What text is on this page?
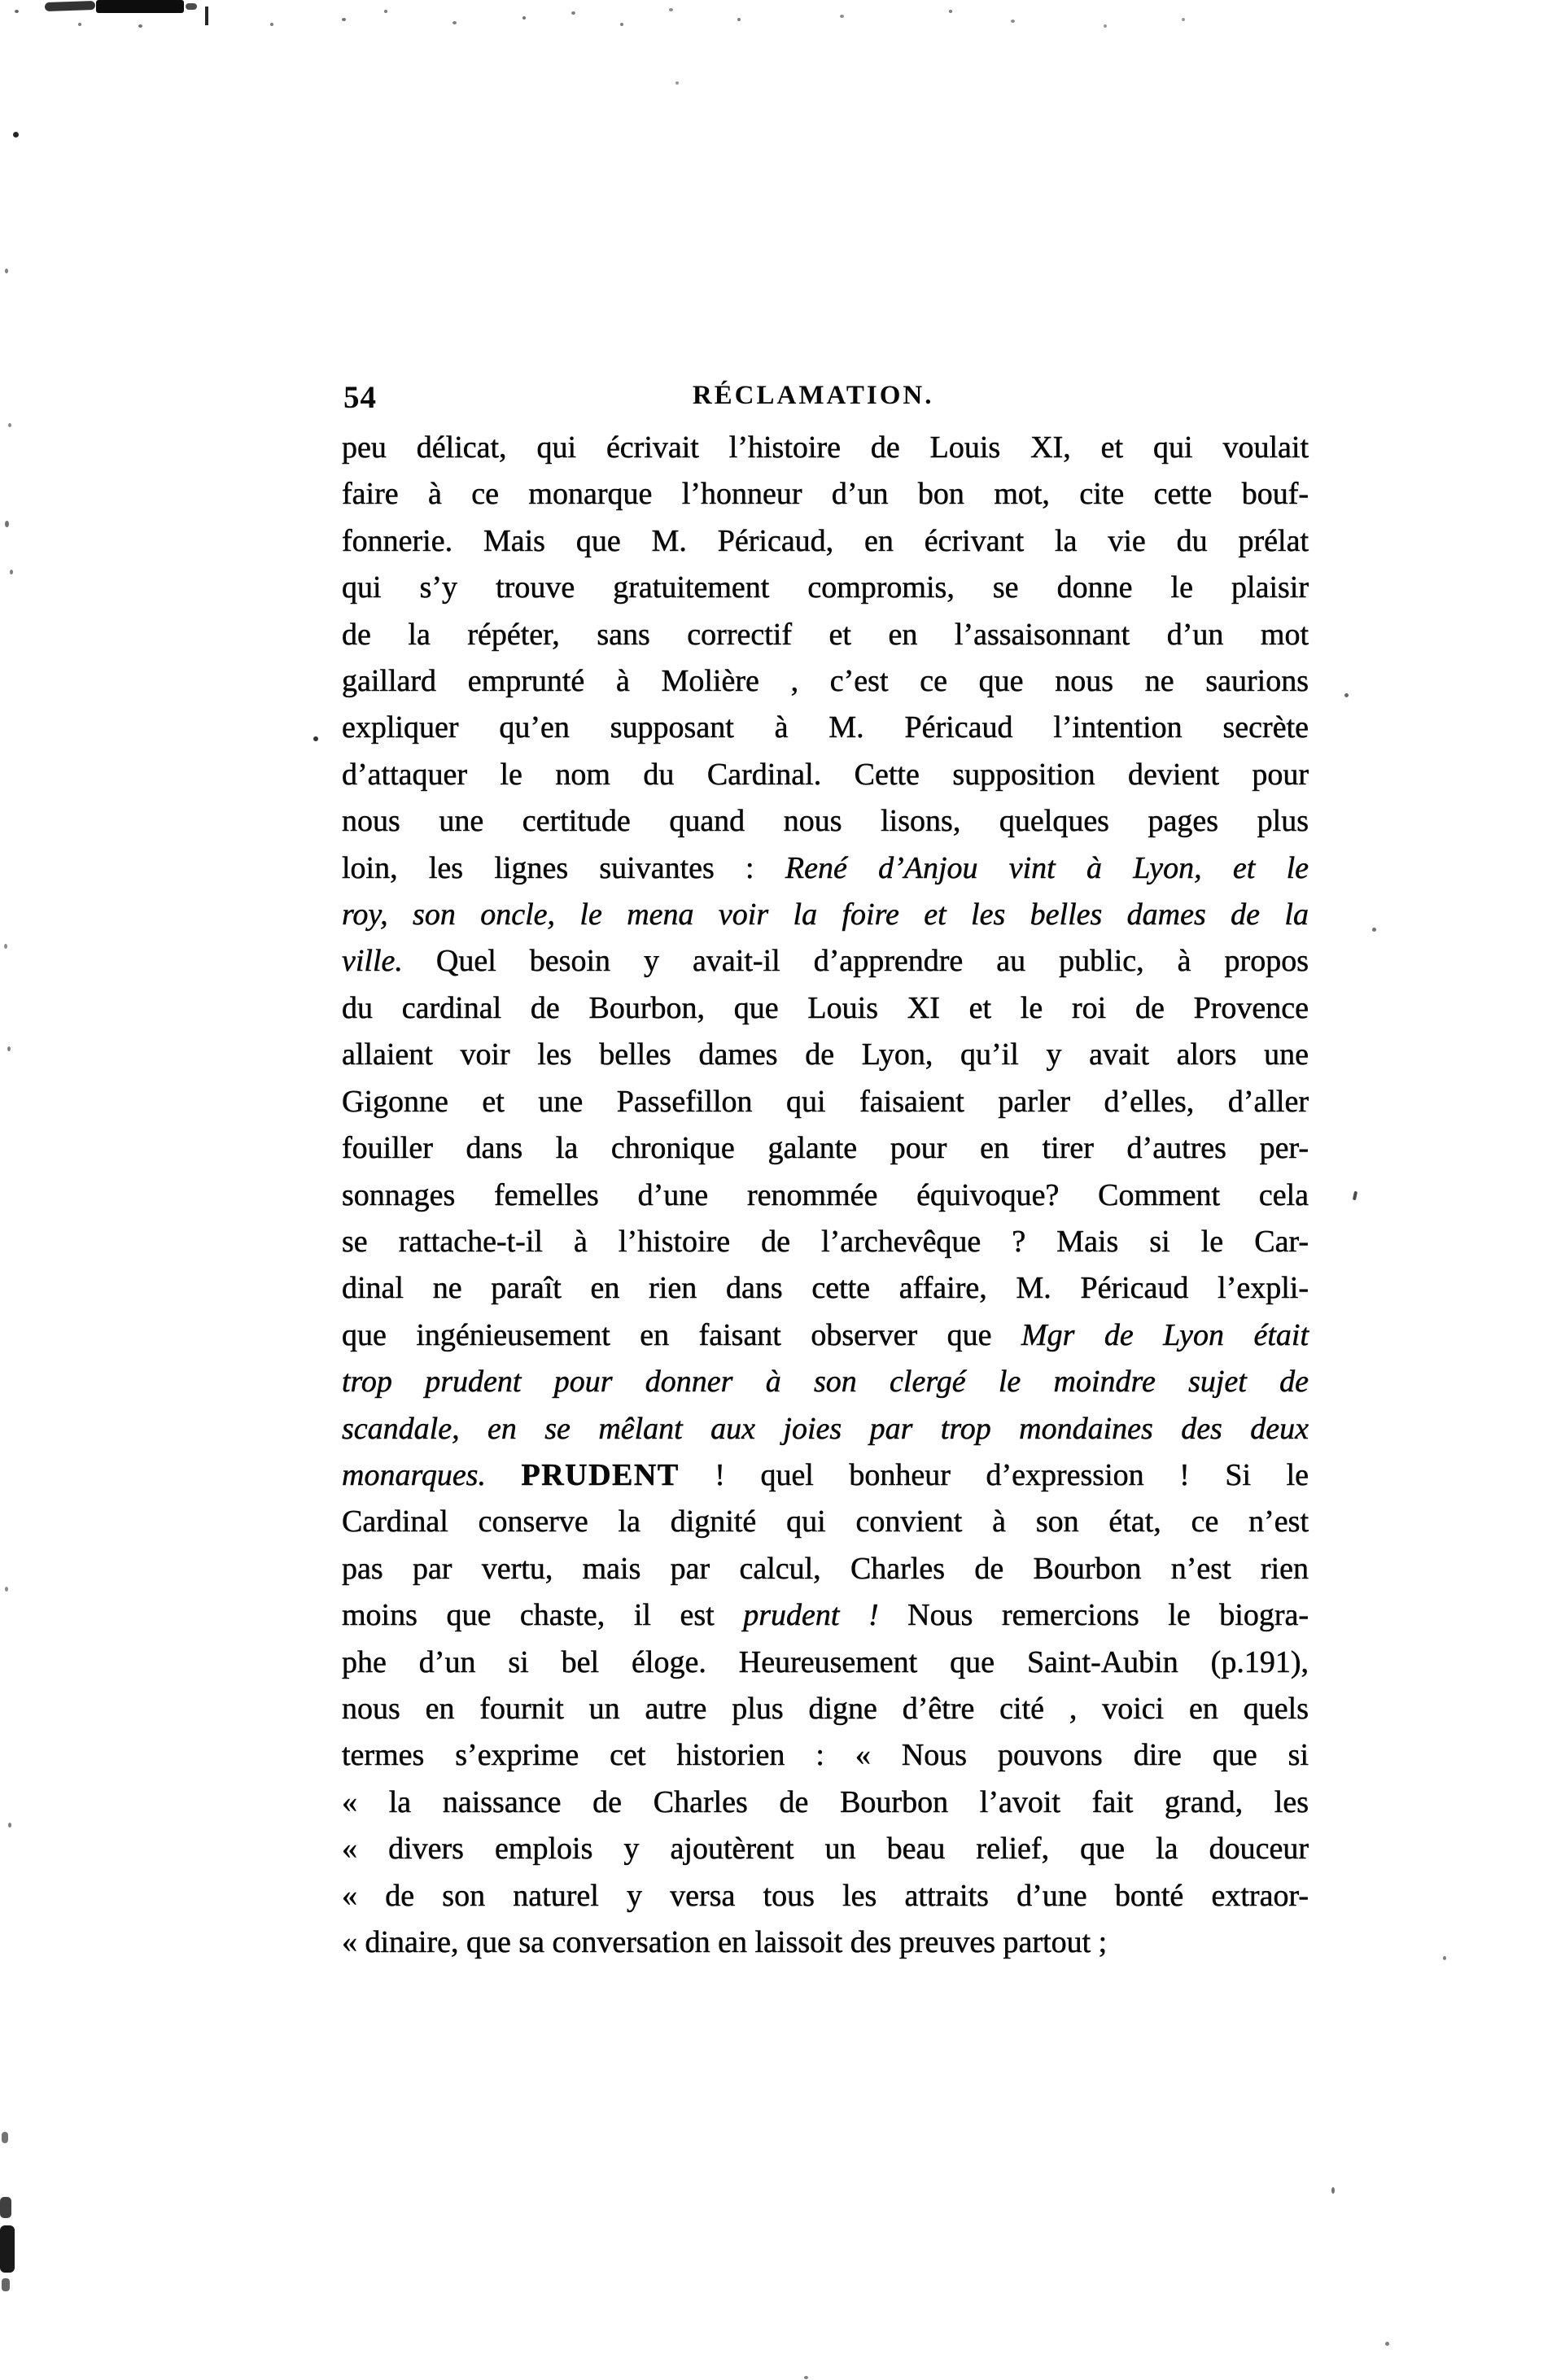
54	RÉCLAMATION.
peu délicat, qui écrivait l’histoire de Louis XI, et qui voulait
faire à ce monarque l’honneur d’un bon mot, cite cette bouf-
fonnerie. Mais que M. Péricaud, en écrivant la vie du prélat
qui s’y trouve gratuitement compromis, se donne le plaisir
de la répéter, sans correctif et en l’assaisonnant d’un mot
gaillard emprunté à Molière , c’est ce que nous ne saurions
expliquer qu’en supposant à M. Péricaud l’intention secrète
d’attaquer le nom du Cardinal. Cette supposition devient pour
nous une certitude quand nous lisons, quelques pages plus
loin, les lignes suivantes : René d’Anjou vint à Lyon, et le
roy, son oncle, le mena voir la foire et les belles dames de la
ville. Quel besoin y avait-il d’apprendre au public, à propos
du cardinal de Bourbon, que Louis XI et le roi de Provence
allaient voir les belles dames de Lyon, qu’il y avait alors une
Gigonne et une Passefillon qui faisaient parler d’elles, d’aller
fouiller dans la chronique galante pour en tirer d’autres per-
sonnages femelles d’une renommée équivoque? Comment cela
se rattache-t-il à l’histoire de l’archevêque ? Mais si le Car-
dinal ne paraît en rien dans cette affaire, M. Péricaud l’expli-
que ingénieusement en faisant observer que Mgr de Lyon était
trop prudent pour donner à son clergé le moindre sujet de
scandale, en se mêlant aux joies par trop mondaines des deux
monarques. PRUDENT ! quel bonheur d’expression ! Si le
Cardinal conserve la dignité qui convient à son état, ce n’est
pas par vertu, mais par calcul, Charles de Bourbon n’est rien
moins que chaste, il est prudent ! Nous remercions le biogra-
phe d’un si bel éloge. Heureusement que Saint-Aubin (p.191),
nous en fournit un autre plus digne d’être cité , voici en quels
termes s’exprime cet historien : « Nous pouvons dire que si
« la naissance de Charles de Bourbon l’avoit fait grand, les
« divers emplois y ajoutèrent un beau relief, que la douceur
« de son naturel y versa tous les attraits d’une bonté extraor-
« dinaire, que sa conversation en laissoit des preuves partout ;
